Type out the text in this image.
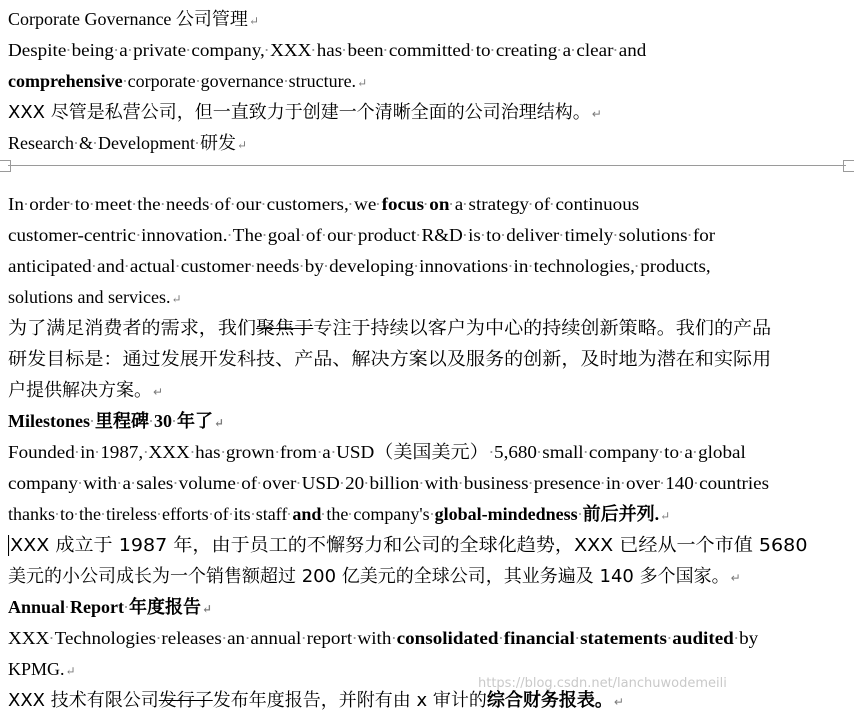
Corporate Governance 公司管理↵
Despite being a private company, XXX has been committed to creating a clear and
comprehensive corporate governance structure.↵
XXX 尽管是私营公司，但一直致力于创建一个清晰全面的公司治理结构。↵
Research & Development 研发↵
In order to meet the needs of our customers, we focus on a strategy of continuous
customer-centric innovation. The goal of our product R&D is to deliver timely solutions for
anticipated and actual customer needs by developing innovations in technologies, products,
solutions and services.↵
为了满足消费者的需求，我们聚焦于专注于持续以客户为中心的持续创新策略。我们的产品
研发目标是：通过发展开发科技、产品、解决方案以及服务的创新，及时地为潜在和实际用
户提供解决方案。↵
Milestones 里程碑 30 年了↵
Founded in 1987, XXX has grown from a USD（美国美元） 5,680 small company to a global
company with a sales volume of over USD 20 billion with business presence in over 140 countries
thanks to the tireless efforts of its staff and the company's global-mindedness 前后并列.↵
XXX 成立于 1987 年，由于员工的不懈努力和公司的全球化趋势，XXX 已经从一个市值 5680
美元的小公司成长为一个销售额超过 200 亿美元的全球公司，其业务遍及 140 多个国家。↵
Annual Report 年度报告↵
XXX Technologies releases an annual report with consolidated financial statements audited by
KPMG.↵
XXX 技术有限公司发行了发布年度报告，并附有由 x 审计的综合财务报表。↵
https://blog.csdn.net/lanchuwodemeili
